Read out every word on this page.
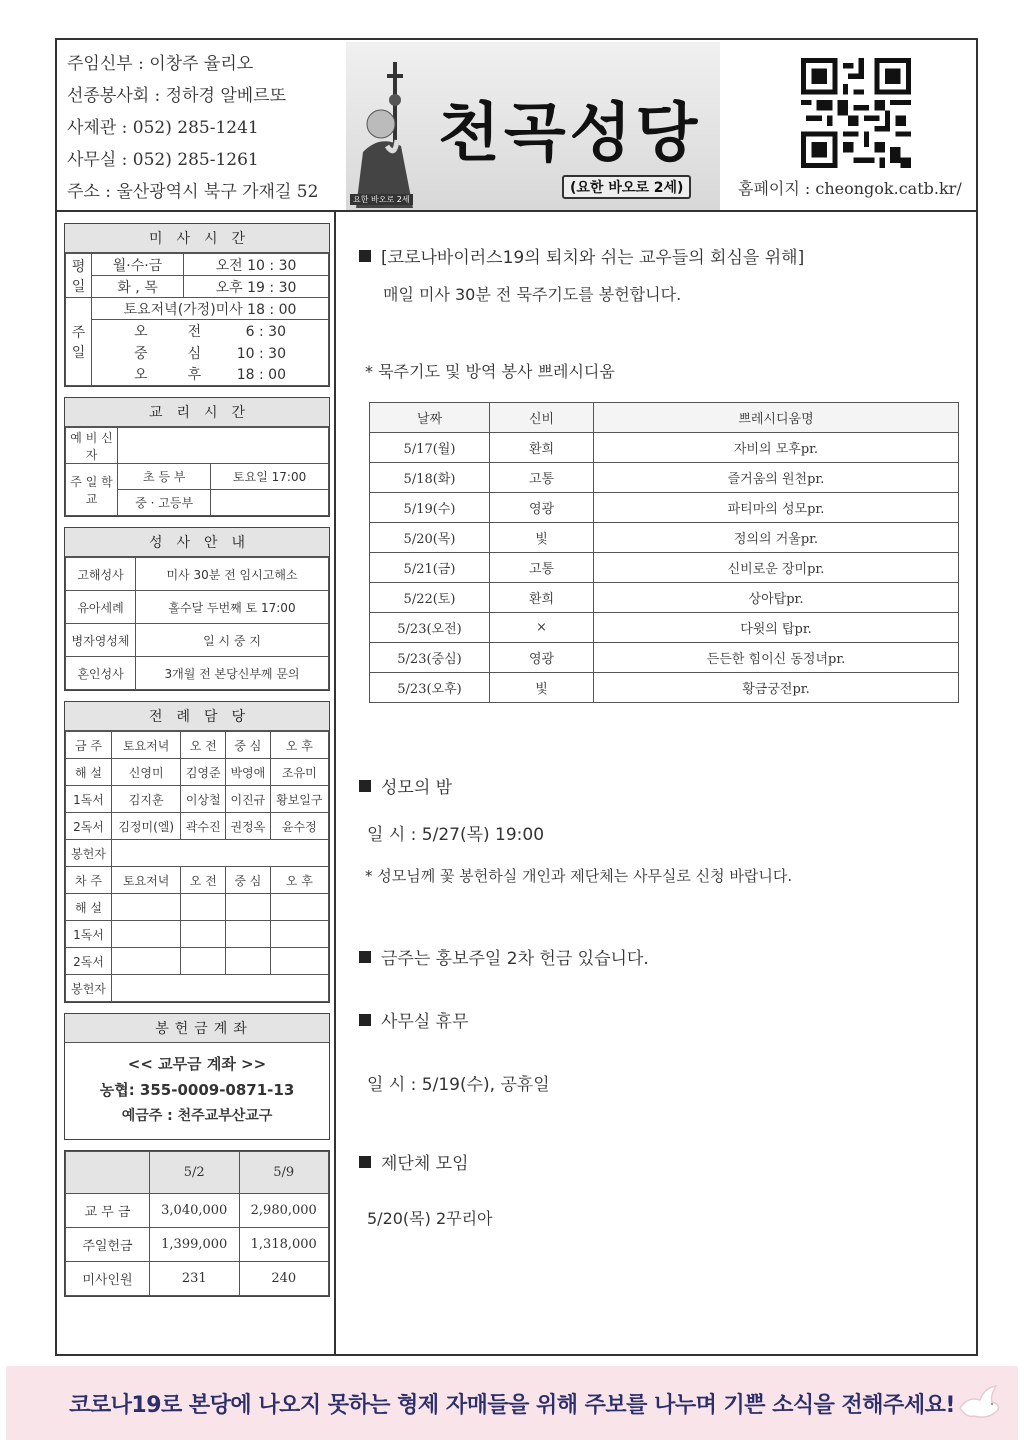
주임신부 : 이창주 율리오
선종봉사회 : 정하경 알베르또
사제관 : 052) 285-1241
사무실 : 052) 285-1261
주소 : 울산광역시 북구 가재길 52
천곡성당
(요한 바오로 2세)
요한 바오로 2세
홈페이지 : cheongok.catb.kr/
미사시간
평일	월·수·금	오전 10 : 30
	화 , 목	오후 19 : 30
주일	토요저녁(가정)미사 18 : 00	
	오 전 6 : 30	
	중 심 10 : 30	
	오 후 18 : 00	
교리시간
예 비 신 자		
주 일 학 교	초 등 부	토요일 17:00
	중 · 고등부	
성사안내
고해성사	미사 30분 전 임시고해소
유아세례	홀수달 두번째 토 17:00
병자영성체	일 시 중 지
혼인성사	3개월 전 본당신부께 문의
전례담당
금 주	토요저녁	오 전	중 심	오 후
해 설	신영미	김영준	박영애	조유미
1독서	김지훈	이상철	이진규	황보일구
2독서	김정미(엘)	곽수진	권정옥	윤수정
봉헌자				
차 주	토요저녁	오 전	중 심	오 후
해 설				
1독서				
2독서				
봉헌자				
봉헌금계좌
<< 교무금 계좌 >>
농협: 355-0009-0871-13
예금주 : 천주교부산교구
	5/2	5/9
교 무 금	3,040,000	2,980,000
주일헌금	1,399,000	1,318,000
미사인원	231	240
[코로나바이러스19의 퇴치와 쉬는 교우들의 회심을 위해]
매일 미사 30분 전 묵주기도를 봉헌합니다.
* 묵주기도 및 방역 봉사 쁘레시디움
날짜	신비	쁘레시디움명
5/17(월)	환희	자비의 모후pr.
5/18(화)	고통	즐거움의 원천pr.
5/19(수)	영광	파티마의 성모pr.
5/20(목)	빛	정의의 거울pr.
5/21(금)	고통	신비로운 장미pr.
5/22(토)	환희	상아탑pr.
5/23(오전)	×	다윗의 탑pr.
5/23(중심)	영광	든든한 힘이신 동정녀pr.
5/23(오후)	빛	황금궁전pr.
성모의 밤
일 시 : 5/27(목) 19:00
* 성모님께 꽃 봉헌하실 개인과 제단체는 사무실로 신청 바랍니다.
금주는 홍보주일 2차 헌금 있습니다.
사무실 휴무
일 시 : 5/19(수), 공휴일
제단체 모임
5/20(목) 2꾸리아
코로나19로 본당에 나오지 못하는 형제 자매들을 위해 주보를 나누며 기쁜 소식을 전해주세요!
